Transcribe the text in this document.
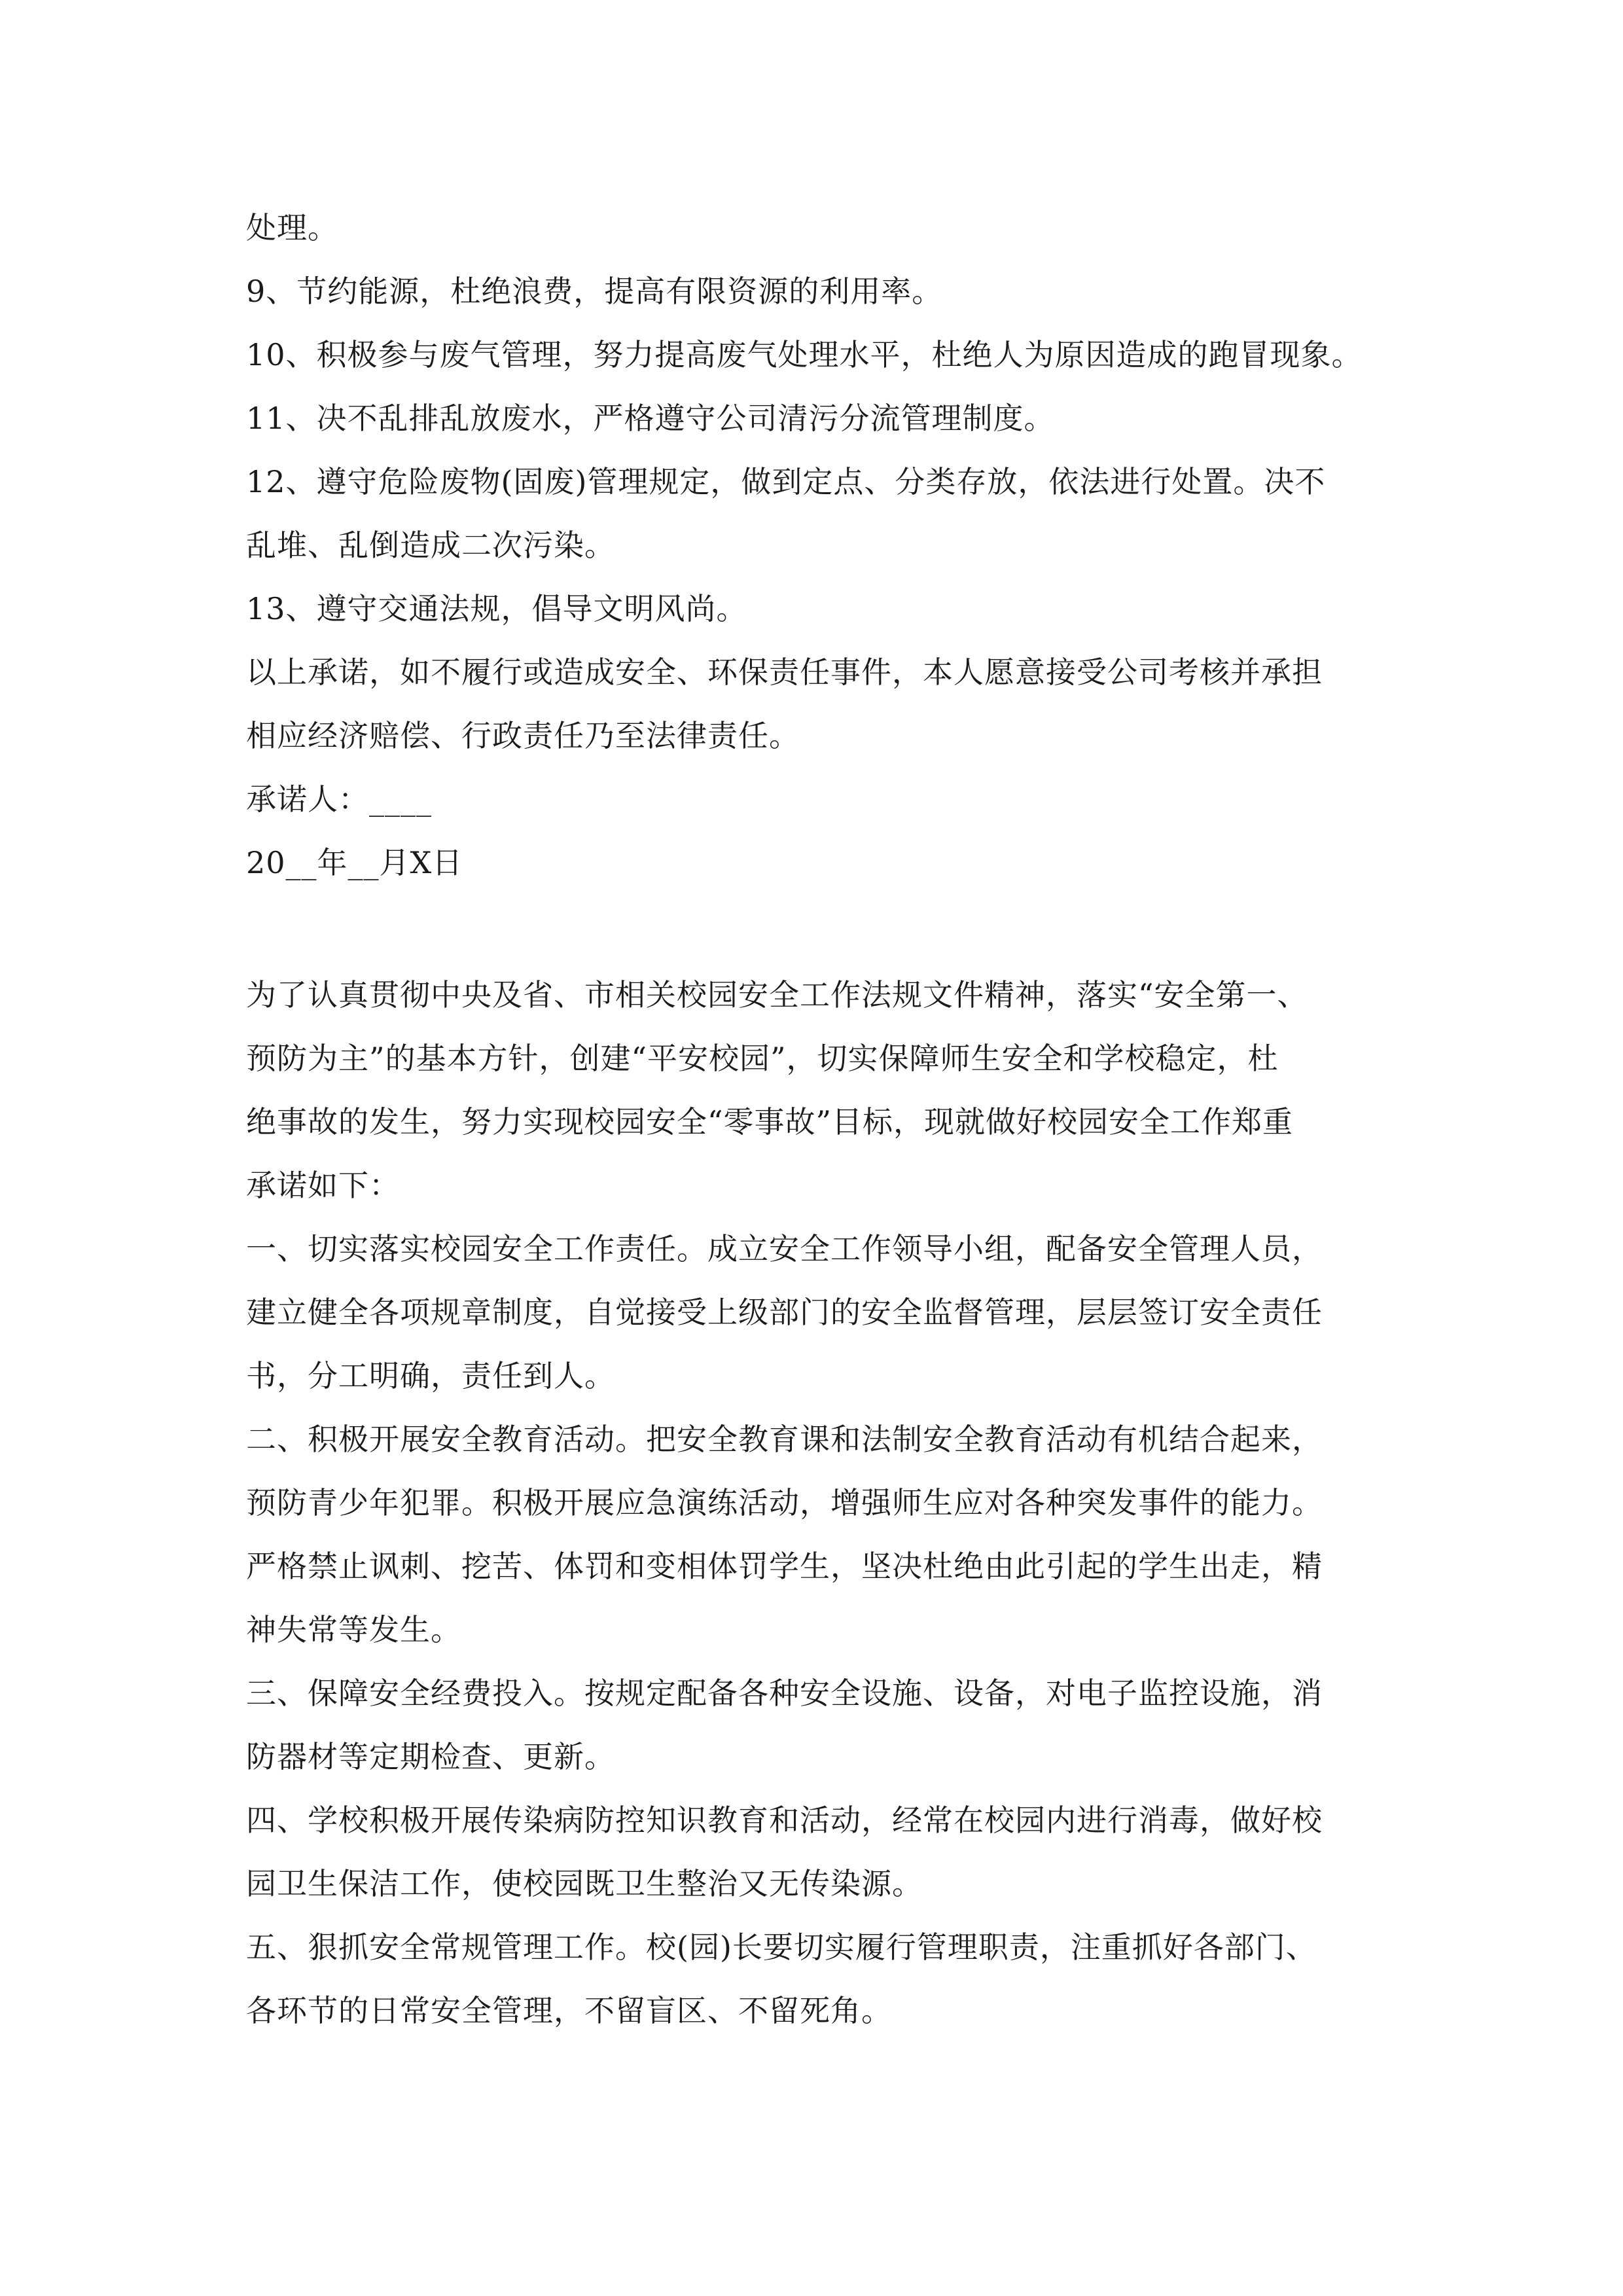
处理。
9、节约能源，杜绝浪费，提高有限资源的利用率。
10、积极参与废气管理，努力提高废气处理水平，杜绝人为原因造成的跑冒现象。
11、决不乱排乱放废水，严格遵守公司清污分流管理制度。
12、遵守危险废物(固废)管理规定，做到定点、分类存放，依法进行处置。决不
乱堆、乱倒造成二次污染。
13、遵守交通法规，倡导文明风尚。
以上承诺，如不履行或造成安全、环保责任事件，本人愿意接受公司考核并承担
相应经济赔偿、行政责任乃至法律责任。
承诺人：____
20__年__月X日
为了认真贯彻中央及省、市相关校园安全工作法规文件精神，落实“安全第一、
预防为主”的基本方针，创建“平安校园”，切实保障师生安全和学校稳定，杜
绝事故的发生，努力实现校园安全“零事故”目标，现就做好校园安全工作郑重
承诺如下：
一、切实落实校园安全工作责任。成立安全工作领导小组，配备安全管理人员，
建立健全各项规章制度，自觉接受上级部门的安全监督管理，层层签订安全责任
书，分工明确，责任到人。
二、积极开展安全教育活动。把安全教育课和法制安全教育活动有机结合起来，
预防青少年犯罪。积极开展应急演练活动，增强师生应对各种突发事件的能力。
严格禁止讽刺、挖苦、体罚和变相体罚学生，坚决杜绝由此引起的学生出走，精
神失常等发生。
三、保障安全经费投入。按规定配备各种安全设施、设备，对电子监控设施，消
防器材等定期检查、更新。
四、学校积极开展传染病防控知识教育和活动，经常在校园内进行消毒，做好校
园卫生保洁工作，使校园既卫生整治又无传染源。
五、狠抓安全常规管理工作。校(园)长要切实履行管理职责，注重抓好各部门、
各环节的日常安全管理，不留盲区、不留死角。
